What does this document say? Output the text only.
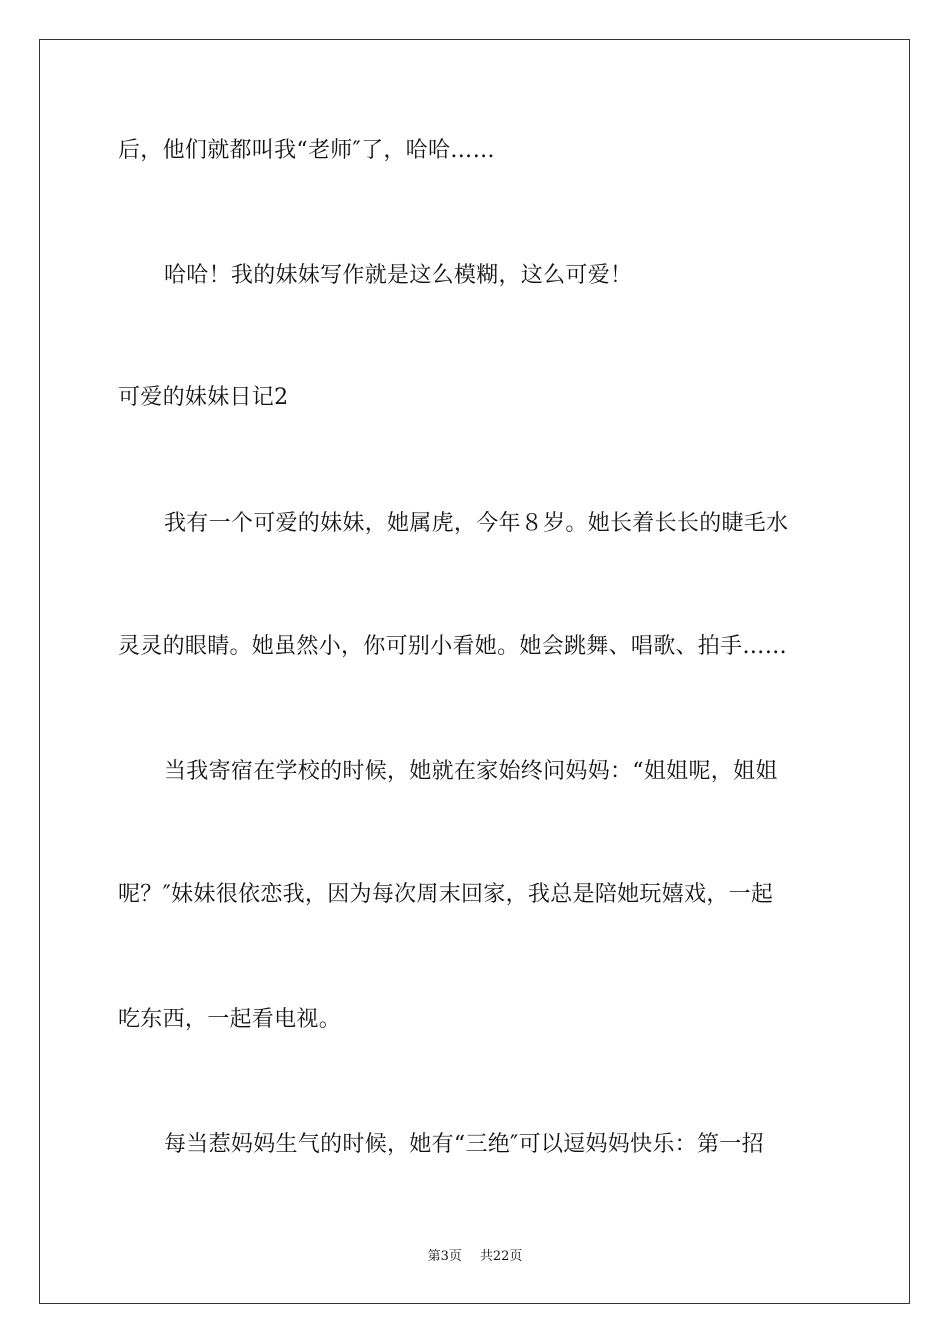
后，他们就都叫我“老师″了，哈哈……
哈哈！我的妹妹写作就是这么模糊，这么可爱！
可爱的妹妹日记2
我有一个可爱的妹妹，她属虎，今年８岁。她长着长长的睫毛水
灵灵的眼睛。她虽然小，你可别小看她。她会跳舞、唱歌、拍手……
当我寄宿在学校的时候，她就在家始终问妈妈：“姐姐呢，姐姐
呢？″妹妹很依恋我，因为每次周末回家，我总是陪她玩嬉戏，一起
吃东西，一起看电视。
每当惹妈妈生气的时候，她有“三绝″可以逗妈妈快乐：第一招
第3页 共22页
